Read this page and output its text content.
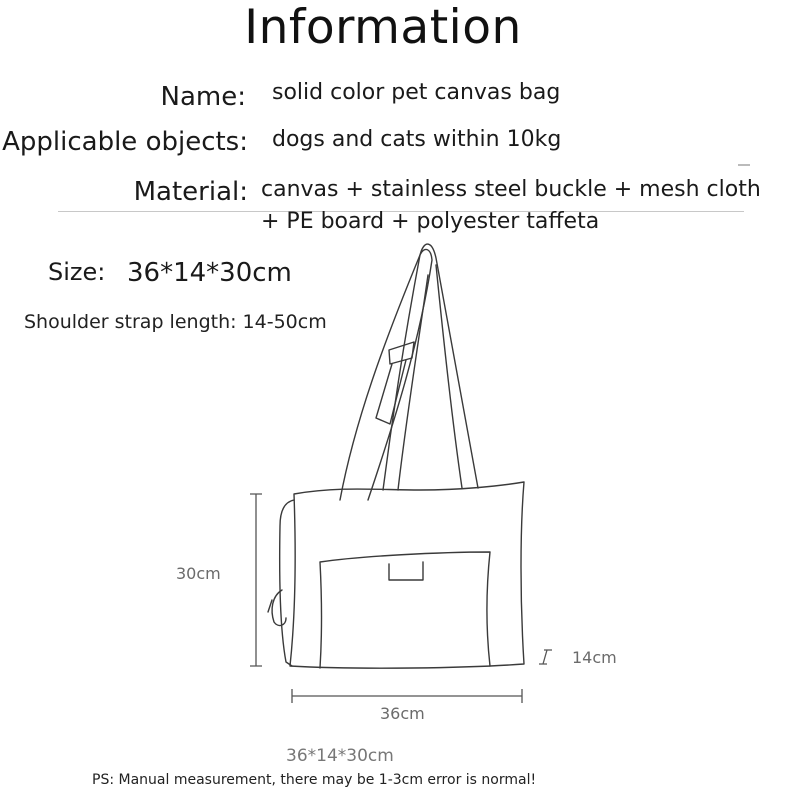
Information
Name: solid color pet canvas bag
Applicable objects: dogs and cats within 10kg
Material: canvas + stainless steel buckle + mesh cloth
+ PE board + polyester taffeta
Size: 36*14*30cm
Shoulder strap length: 14-50cm
30cm
14cm
36cm
36*14*30cm
PS: Manual measurement, there may be 1-3cm error is normal!
